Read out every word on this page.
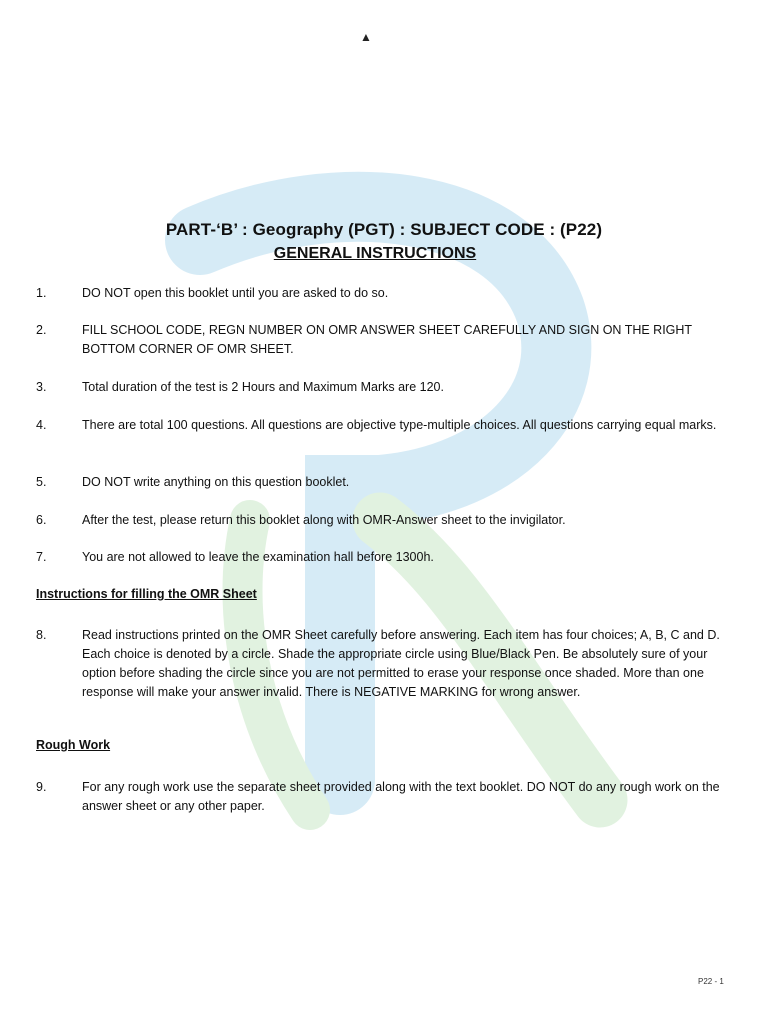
▲
PART-‘B’ : Geography (PGT) : SUBJECT CODE : (P22)
GENERAL INSTRUCTIONS
1.	DO NOT open this booklet until you are asked to do so.
2.	FILL SCHOOL CODE, REGN NUMBER ON OMR ANSWER SHEET CAREFULLY AND SIGN ON THE RIGHT BOTTOM CORNER OF OMR SHEET.
3.	Total duration of the test is 2 Hours and Maximum Marks are 120.
4.	There are total 100 questions. All questions are objective type-multiple choices. All questions carrying equal marks.
5.	DO NOT write anything on this question booklet.
6.	After the test, please return this booklet along with OMR-Answer sheet to the invigilator.
7.	You are not allowed to leave the examination hall before 1300h.
Instructions for filling the OMR Sheet
8.	Read instructions printed on the OMR Sheet carefully before answering. Each item has four choices; A, B, C and D. Each choice is denoted by a circle. Shade the appropriate circle using Blue/Black Pen. Be absolutely sure of your option before shading the circle since you are not permitted to erase your response once shaded. More than one response will make your answer invalid. There is NEGATIVE MARKING for wrong answer.
Rough Work
9.	For any rough work use the separate sheet provided along with the text booklet. DO NOT do any rough work on the answer sheet or any other paper.
P22 - 1
